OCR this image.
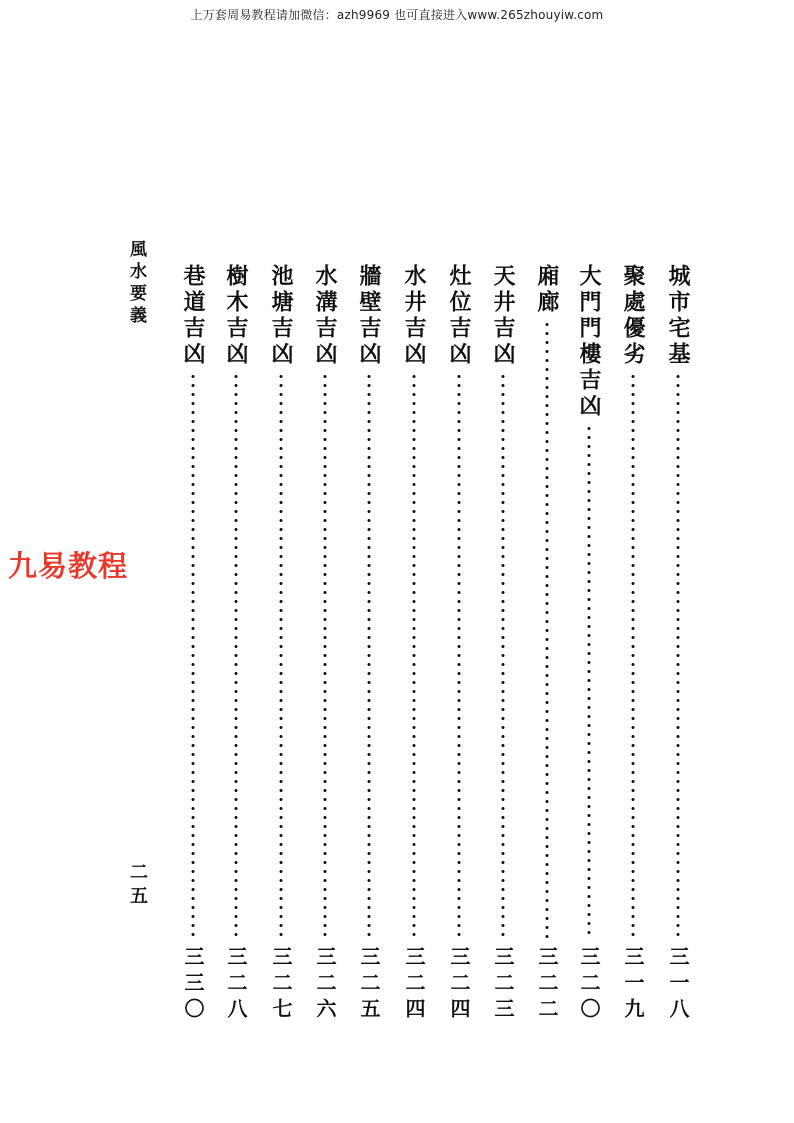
上万套周易教程请加微信：azh9969 也可直接进入www.265zhouyiw.com
風水要義
九易教程
二五
城市宅基
三一八
聚處優劣
三一九
大門門樓吉凶
三二〇
廂廊
三二二
天井吉凶
三二三
灶位吉凶
三二四
水井吉凶
三二四
牆壁吉凶
三二五
水溝吉凶
三二六
池塘吉凶
三二七
樹木吉凶
三二八
巷道吉凶
三三〇
